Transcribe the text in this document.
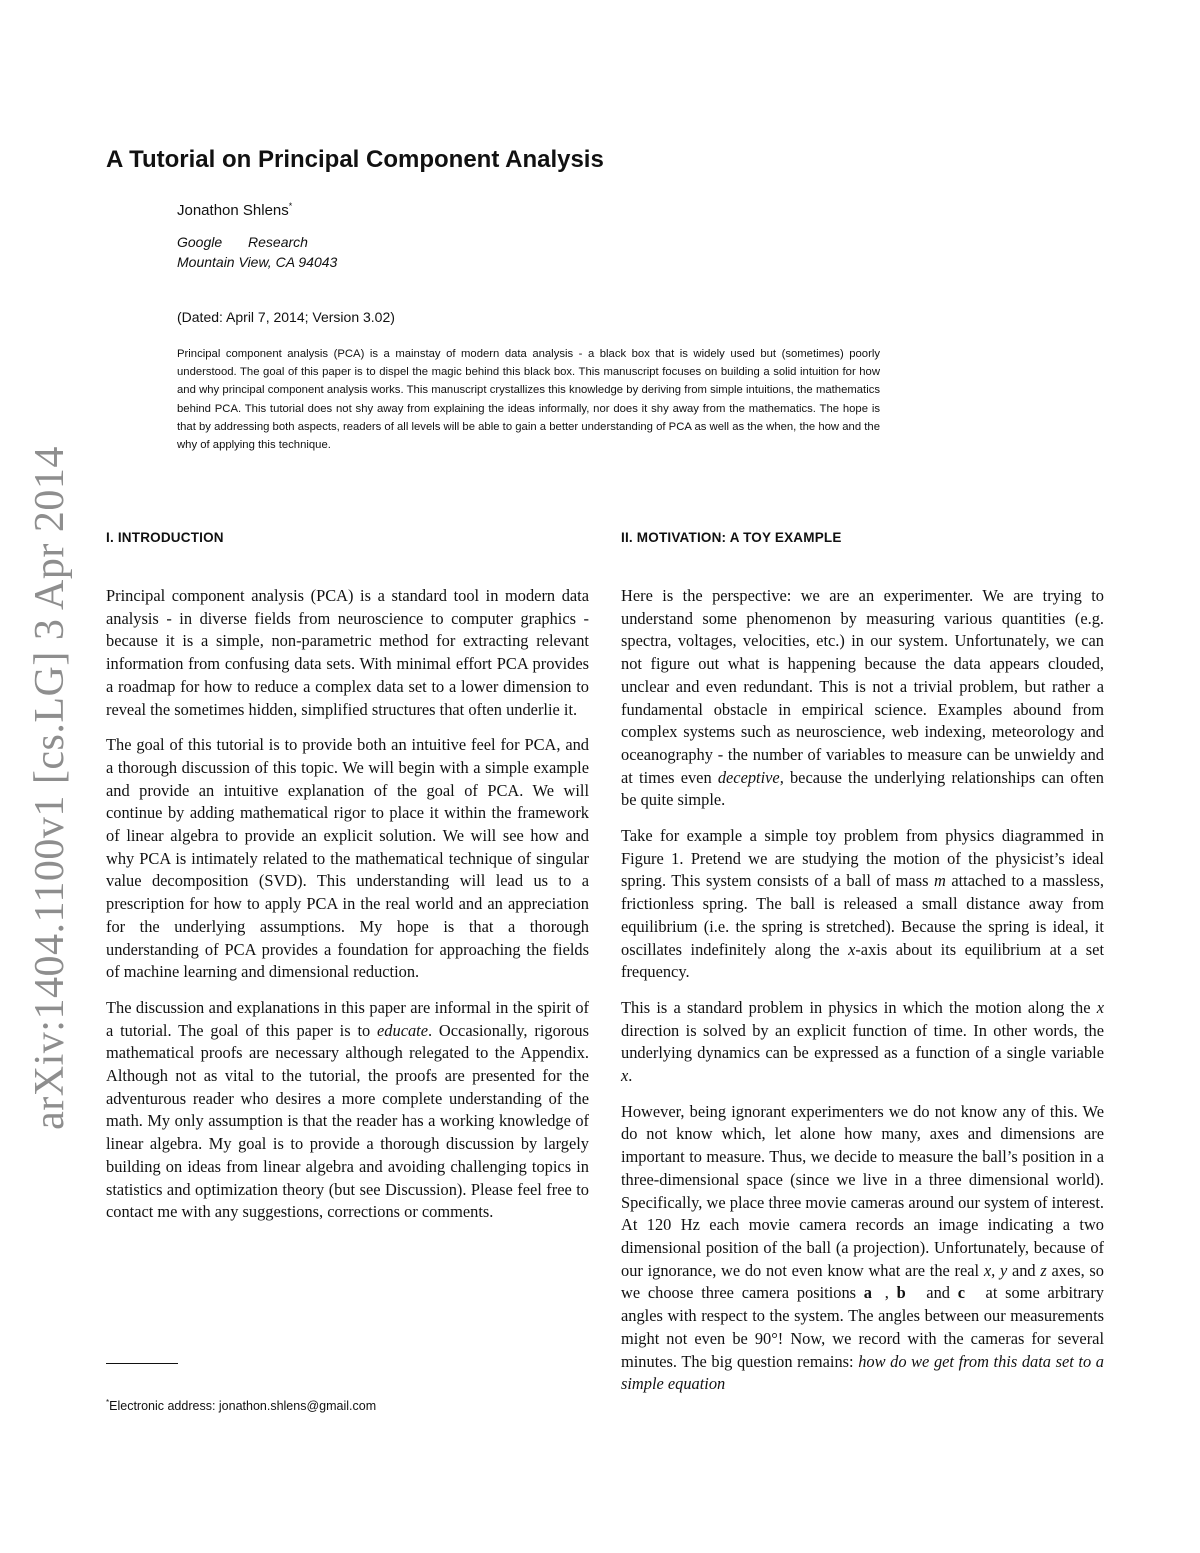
arXiv:1404.1100v1 [cs.LG] 3 Apr 2014
A Tutorial on Principal Component Analysis
Jonathon Shlens*
Google Research
Mountain View, CA 94043
(Dated: April 7, 2014; Version 3.02)

Principal component analysis (PCA) is a mainstay of modern data analysis - a black box that is widely used but (sometimes) poorly understood. The goal of this paper is to dispel the magic behind this black box. This manuscript focuses on building a solid intuition for how and why principal component analysis works. This manuscript crystallizes this knowledge by deriving from simple intuitions, the mathematics behind PCA. This tutorial does not shy away from explaining the ideas informally, nor does it shy away from the mathematics. The hope is that by addressing both aspects, readers of all levels will be able to gain a better understanding of PCA as well as the when, the how and the why of applying this technique.

I. INTRODUCTION

Principal component analysis (PCA) is a standard tool in modern data analysis - in diverse fields from neuroscience to computer graphics - because it is a simple, non-parametric method for extracting relevant information from confusing data sets. With minimal effort PCA provides a roadmap for how to reduce a complex data set to a lower dimension to reveal the sometimes hidden, simplified structures that often underlie it.

The goal of this tutorial is to provide both an intuitive feel for PCA, and a thorough discussion of this topic. We will begin with a simple example and provide an intuitive explanation of the goal of PCA. We will continue by adding mathematical rigor to place it within the framework of linear algebra to provide an explicit solution. We will see how and why PCA is intimately related to the mathematical technique of singular value decomposition (SVD). This understanding will lead us to a prescription for how to apply PCA in the real world and an appreciation for the underlying assumptions. My hope is that a thorough understanding of PCA provides a foundation for approaching the fields of machine learning and dimensional reduction.

The discussion and explanations in this paper are informal in the spirit of a tutorial. The goal of this paper is to educate. Occasionally, rigorous mathematical proofs are necessary although relegated to the Appendix. Although not as vital to the tutorial, the proofs are presented for the adventurous reader who desires a more complete understanding of the math. My only assumption is that the reader has a working knowledge of linear algebra. My goal is to provide a thorough discussion by largely building on ideas from linear algebra and avoiding challenging topics in statistics and optimization theory (but see Discussion). Please feel free to contact me with any suggestions, corrections or comments.

II. MOTIVATION: A TOY EXAMPLE

Here is the perspective: we are an experimenter. We are trying to understand some phenomenon by measuring various quantities (e.g. spectra, voltages, velocities, etc.) in our system. Unfortunately, we can not figure out what is happening because the data appears clouded, unclear and even redundant. This is not a trivial problem, but rather a fundamental obstacle in empirical science. Examples abound from complex systems such as neuroscience, web indexing, meteorology and oceanography - the number of variables to measure can be unwieldy and at times even deceptive, because the underlying relationships can often be quite simple.

Take for example a simple toy problem from physics diagrammed in Figure 1. Pretend we are studying the motion of the physicist’s ideal spring. This system consists of a ball of mass m attached to a massless, frictionless spring. The ball is released a small distance away from equilibrium (i.e. the spring is stretched). Because the spring is ideal, it oscillates indefinitely along the x-axis about its equilibrium at a set frequency.

This is a standard problem in physics in which the motion along the x direction is solved by an explicit function of time. In other words, the underlying dynamics can be expressed as a function of a single variable x.

However, being ignorant experimenters we do not know any of this. We do not know which, let alone how many, axes and dimensions are important to measure. Thus, we decide to measure the ball’s position in a three-dimensional space (since we live in a three dimensional world). Specifically, we place three movie cameras around our system of interest. At 120 Hz each movie camera records an image indicating a two dimensional position of the ball (a projection). Unfortunately, because of our ignorance, we do not even know what are the real x, y and z axes, so we choose three camera positions a⃗, b⃗ and c⃗ at some arbitrary angles with respect to the system. The angles between our measurements might not even be 90°! Now, we record with the cameras for several minutes. The big question remains: how do we get from this data set to a simple equation

*Electronic address: jonathon.shlens@gmail.com
